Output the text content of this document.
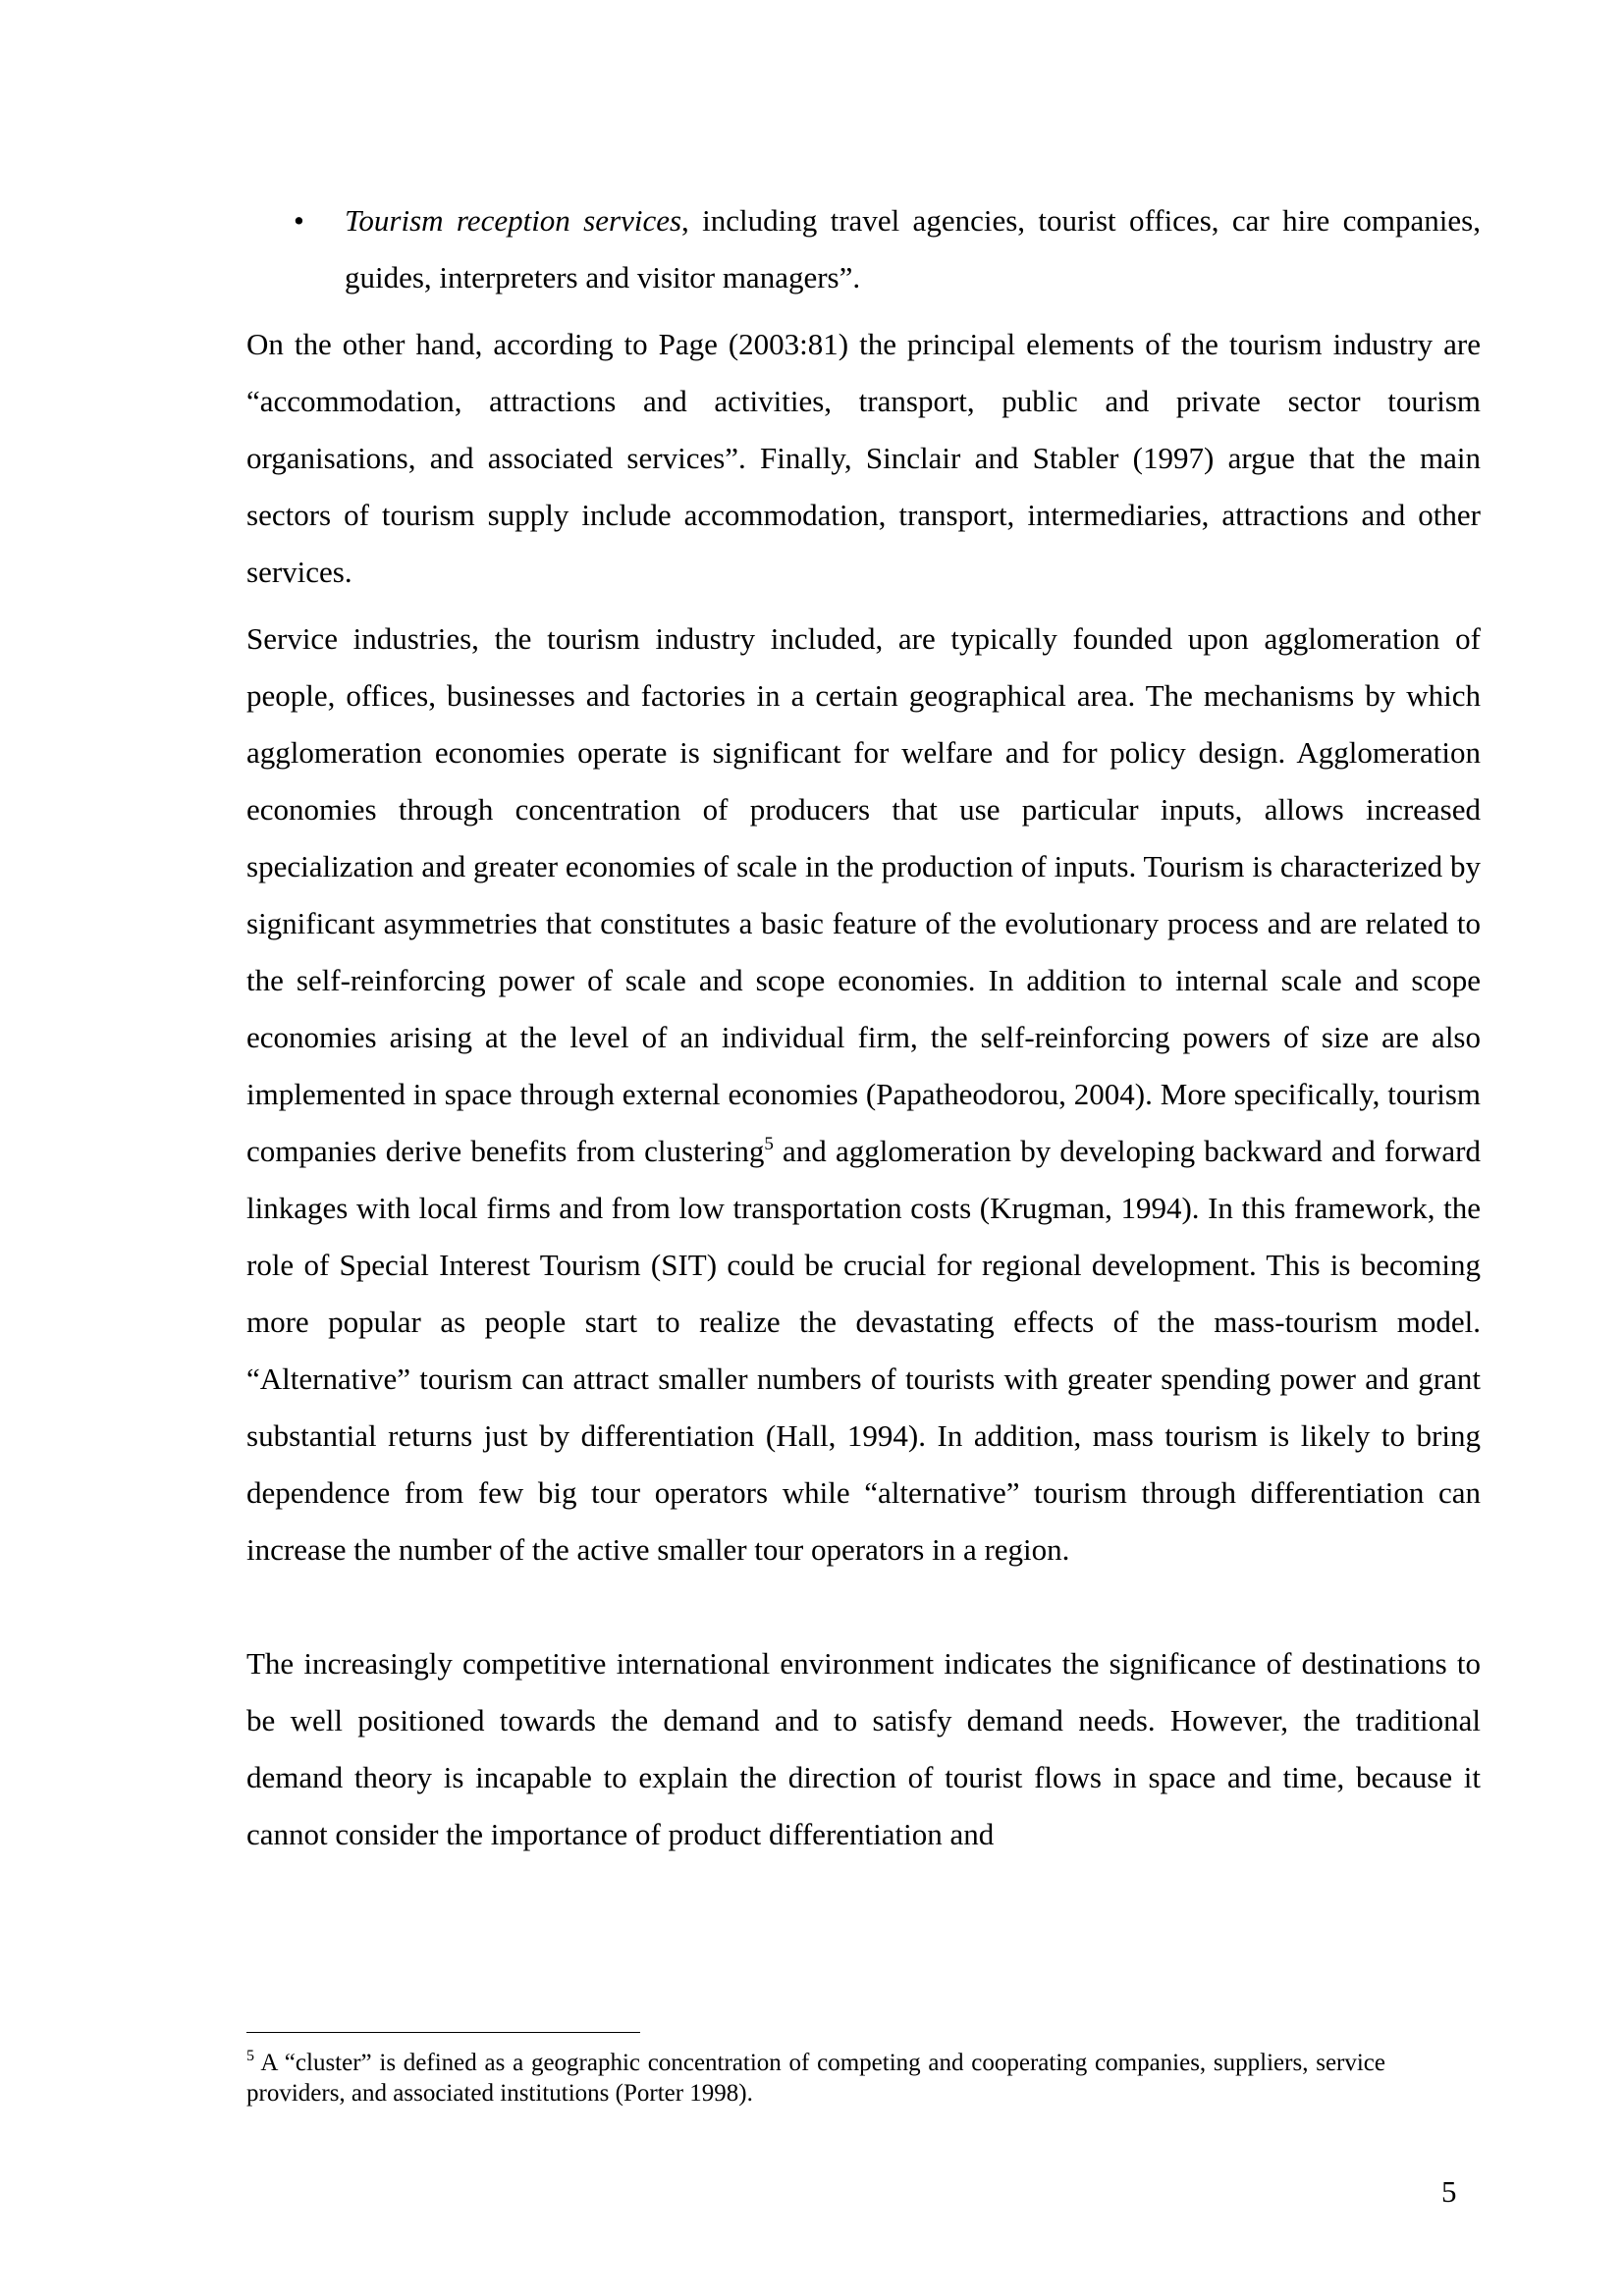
• Tourism reception services, including travel agencies, tourist offices, car hire companies, guides, interpreters and visitor managers”.

On the other hand, according to Page (2003:81) the principal elements of the tourism industry are “accommodation, attractions and activities, transport, public and private sector tourism organisations, and associated services”. Finally, Sinclair and Stabler (1997) argue that the main sectors of tourism supply include accommodation, transport, intermediaries, attractions and other services.

Service industries, the tourism industry included, are typically founded upon agglomeration of people, offices, businesses and factories in a certain geographical area. The mechanisms by which agglomeration economies operate is significant for welfare and for policy design. Agglomeration economies through concentration of producers that use particular inputs, allows increased specialization and greater economies of scale in the production of inputs. Tourism is characterized by significant asymmetries that constitutes a basic feature of the evolutionary process and are related to the self-reinforcing power of scale and scope economies. In addition to internal scale and scope economies arising at the level of an individual firm, the self-reinforcing powers of size are also implemented in space through external economies (Papatheodorou, 2004). More specifically, tourism companies derive benefits from clustering$^5$ and agglomeration by developing backward and forward linkages with local firms and from low transportation costs (Krugman, 1994). In this framework, the role of Special Interest Tourism (SIT) could be crucial for regional development. This is becoming more popular as people start to realize the devastating effects of the mass-tourism model. “Alternative” tourism can attract smaller numbers of tourists with greater spending power and grant substantial returns just by differentiation (Hall, 1994). In addition, mass tourism is likely to bring dependence from few big tour operators while “alternative” tourism through differentiation can increase the number of the active smaller tour operators in a region.

The increasingly competitive international environment indicates the significance of destinations to be well positioned towards the demand and to satisfy demand needs. However, the traditional demand theory is incapable to explain the direction of tourist flows in space and time, because it cannot consider the importance of product differentiation and

$^5$ A “cluster” is defined as a geographic concentration of competing and cooperating companies, suppliers, service providers, and associated institutions (Porter 1998).
5
